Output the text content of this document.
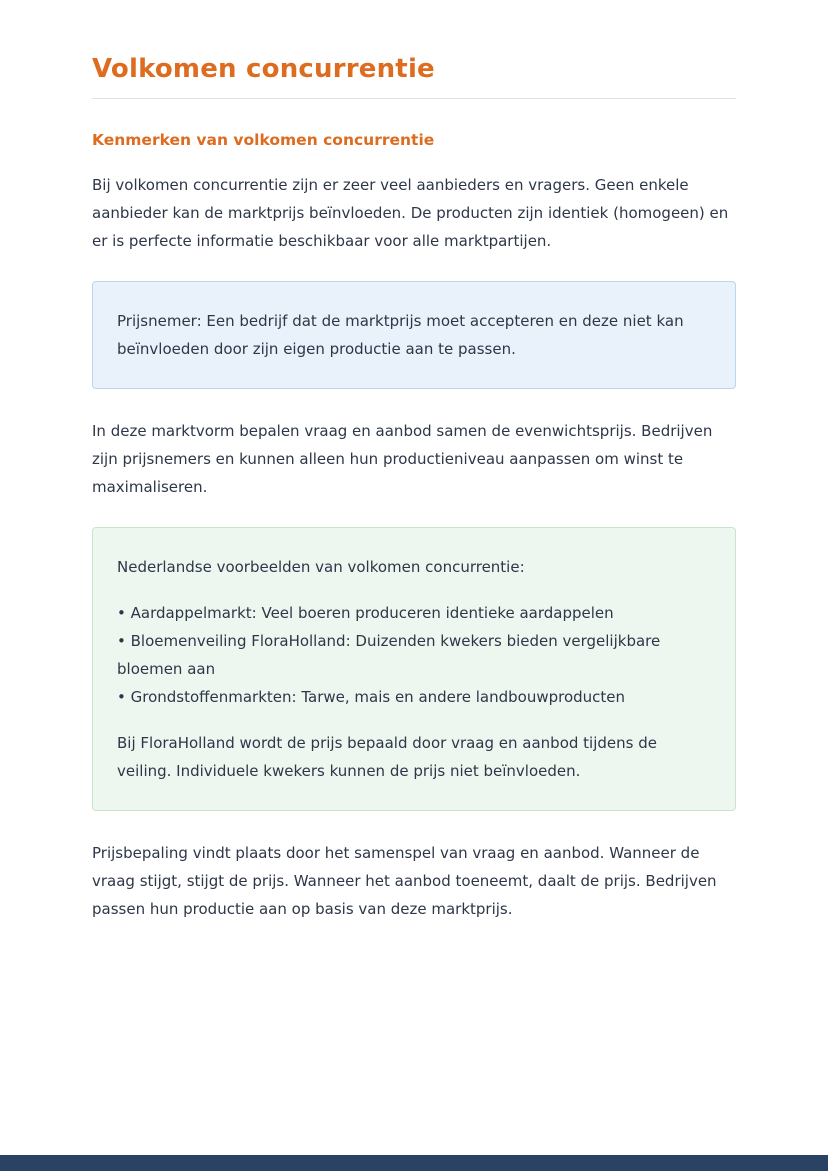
Volkomen concurrentie
Kenmerken van volkomen concurrentie

Bij volkomen concurrentie zijn er zeer veel aanbieders en vragers. Geen enkele aanbieder kan de marktprijs beïnvloeden. De producten zijn identiek (homogeen) en er is perfecte informatie beschikbaar voor alle marktpartijen.

Prijsnemer: Een bedrijf dat de marktprijs moet accepteren en deze niet kan beïnvloeden door zijn eigen productie aan te passen.

In deze marktvorm bepalen vraag en aanbod samen de evenwichtsprijs. Bedrijven zijn prijsnemers en kunnen alleen hun productieniveau aanpassen om winst te maximaliseren.

Nederlandse voorbeelden van volkomen concurrentie:

• Aardappelmarkt: Veel boeren produceren identieke aardappelen
• Bloemenveiling FloraHolland: Duizenden kwekers bieden vergelijkbare bloemen aan
• Grondstoffenmarkten: Tarwe, mais en andere landbouwproducten

Bij FloraHolland wordt de prijs bepaald door vraag en aanbod tijdens de veiling. Individuele kwekers kunnen de prijs niet beïnvloeden.

Prijsbepaling vindt plaats door het samenspel van vraag en aanbod. Wanneer de vraag stijgt, stijgt de prijs. Wanneer het aanbod toeneemt, daalt de prijs. Bedrijven passen hun productie aan op basis van deze marktprijs.
